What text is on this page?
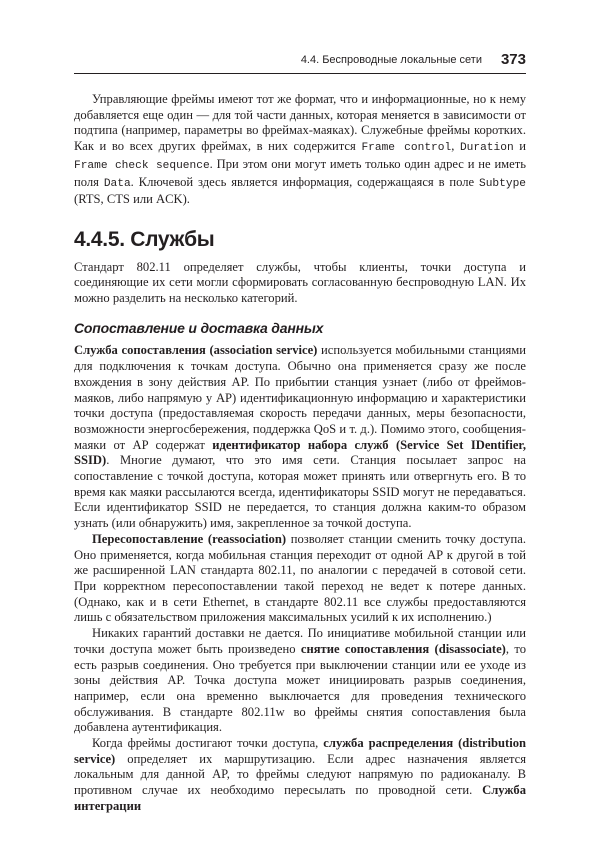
4.4. Беспроводные локальные сети 373

Управляющие фреймы имеют тот же формат, что и информационные, но к нему добавляется еще один — для той части данных, которая меняется в зависимости от подтипа (например, параметры во фреймах-маяках). Служебные фреймы коротких. Как и во всех других фреймах, в них содержится Frame control, Duration и Frame check sequence. При этом они могут иметь только один адрес и не иметь поля Data. Ключевой здесь является информация, содержащаяся в поле Subtype (RTS, CTS или ACK).

4.4.5. Службы

Стандарт 802.11 определяет службы, чтобы клиенты, точки доступа и соединяющие их сети могли сформировать согласованную беспроводную LAN. Их можно разделить на несколько категорий.

Сопоставление и доставка данных

Служба сопоставления (association service) используется мобильными станциями для подключения к точкам доступа. Обычно она применяется сразу же после вхождения в зону действия AP. По прибытии станция узнает (либо от фреймов-маяков, либо напрямую у AP) идентификационную информацию и характеристики точки доступа (предоставляемая скорость передачи данных, меры безопасности, возможности энергосбережения, поддержка QoS и т. д.). Помимо этого, сообщения-маяки от AP содержат идентификатор набора служб (Service Set IDentifier, SSID). Многие думают, что это имя сети. Станция посылает запрос на сопоставление с точкой доступа, которая может принять или отвергнуть его. В то время как маяки рассылаются всегда, идентификаторы SSID могут не передаваться. Если идентификатор SSID не передается, то станция должна каким-то образом узнать (или обнаружить) имя, закрепленное за точкой доступа.

Пересопоставление (reassociation) позволяет станции сменить точку доступа. Оно применяется, когда мобильная станция переходит от одной AP к другой в той же расширенной LAN стандарта 802.11, по аналогии с передачей в сотовой сети. При корректном пересопоставлении такой переход не ведет к потере данных. (Однако, как и в сети Ethernet, в стандарте 802.11 все службы предоставляются лишь с обязательством приложения максимальных усилий к их исполнению.)

Никаких гарантий доставки не дается. По инициативе мобильной станции или точки доступа может быть произведено снятие сопоставления (disassociate), то есть разрыв соединения. Оно требуется при выключении станции или ее уходе из зоны действия AP. Точка доступа может инициировать разрыв соединения, например, если она временно выключается для проведения технического обслуживания. В стандарте 802.11w во фреймы снятия сопоставления была добавлена аутентификация.

Когда фреймы достигают точки доступа, служба распределения (distribution service) определяет их маршрутизацию. Если адрес назначения является локальным для данной AP, то фреймы следуют напрямую по радиоканалу. В противном случае их необходимо пересылать по проводной сети. Служба интеграции
